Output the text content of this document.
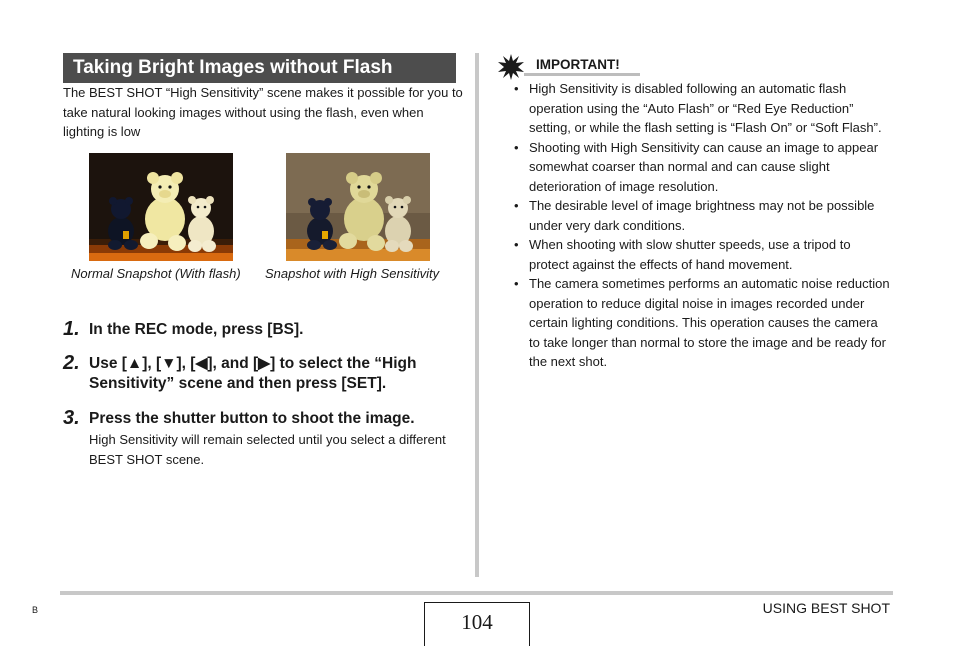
Taking Bright Images without Flash

The BEST SHOT “High Sensitivity” scene makes it possible for you to take natural looking images without using the flash, even when lighting is low

Normal Snapshot (With flash) Snapshot with High Sensitivity
1. In the REC mode, press [BS].
2. Use [▲], [▼], [◀], and [▶] to select the “High Sensitivity” scene and then press [SET].
3. Press the shutter button to shoot the image.

High Sensitivity will remain selected until you select a different BEST SHOT scene.

IMPORTANT!
• High Sensitivity is disabled following an automatic flash operation using the “Auto Flash” or “Red Eye Reduction” setting, or while the flash setting is “Flash On” or “Soft Flash”.
• Shooting with High Sensitivity can cause an image to appear somewhat coarser than normal and can cause slight deterioration of image resolution.
• The desirable level of image brightness may not be possible under very dark conditions.
• When shooting with slow shutter speeds, use a tripod to protect against the effects of hand movement.
• The camera sometimes performs an automatic noise reduction operation to reduce digital noise in images recorded under certain lighting conditions. This operation causes the camera to take longer than normal to store the image and be ready for the next shot.
B	104
USING BEST SHOT
